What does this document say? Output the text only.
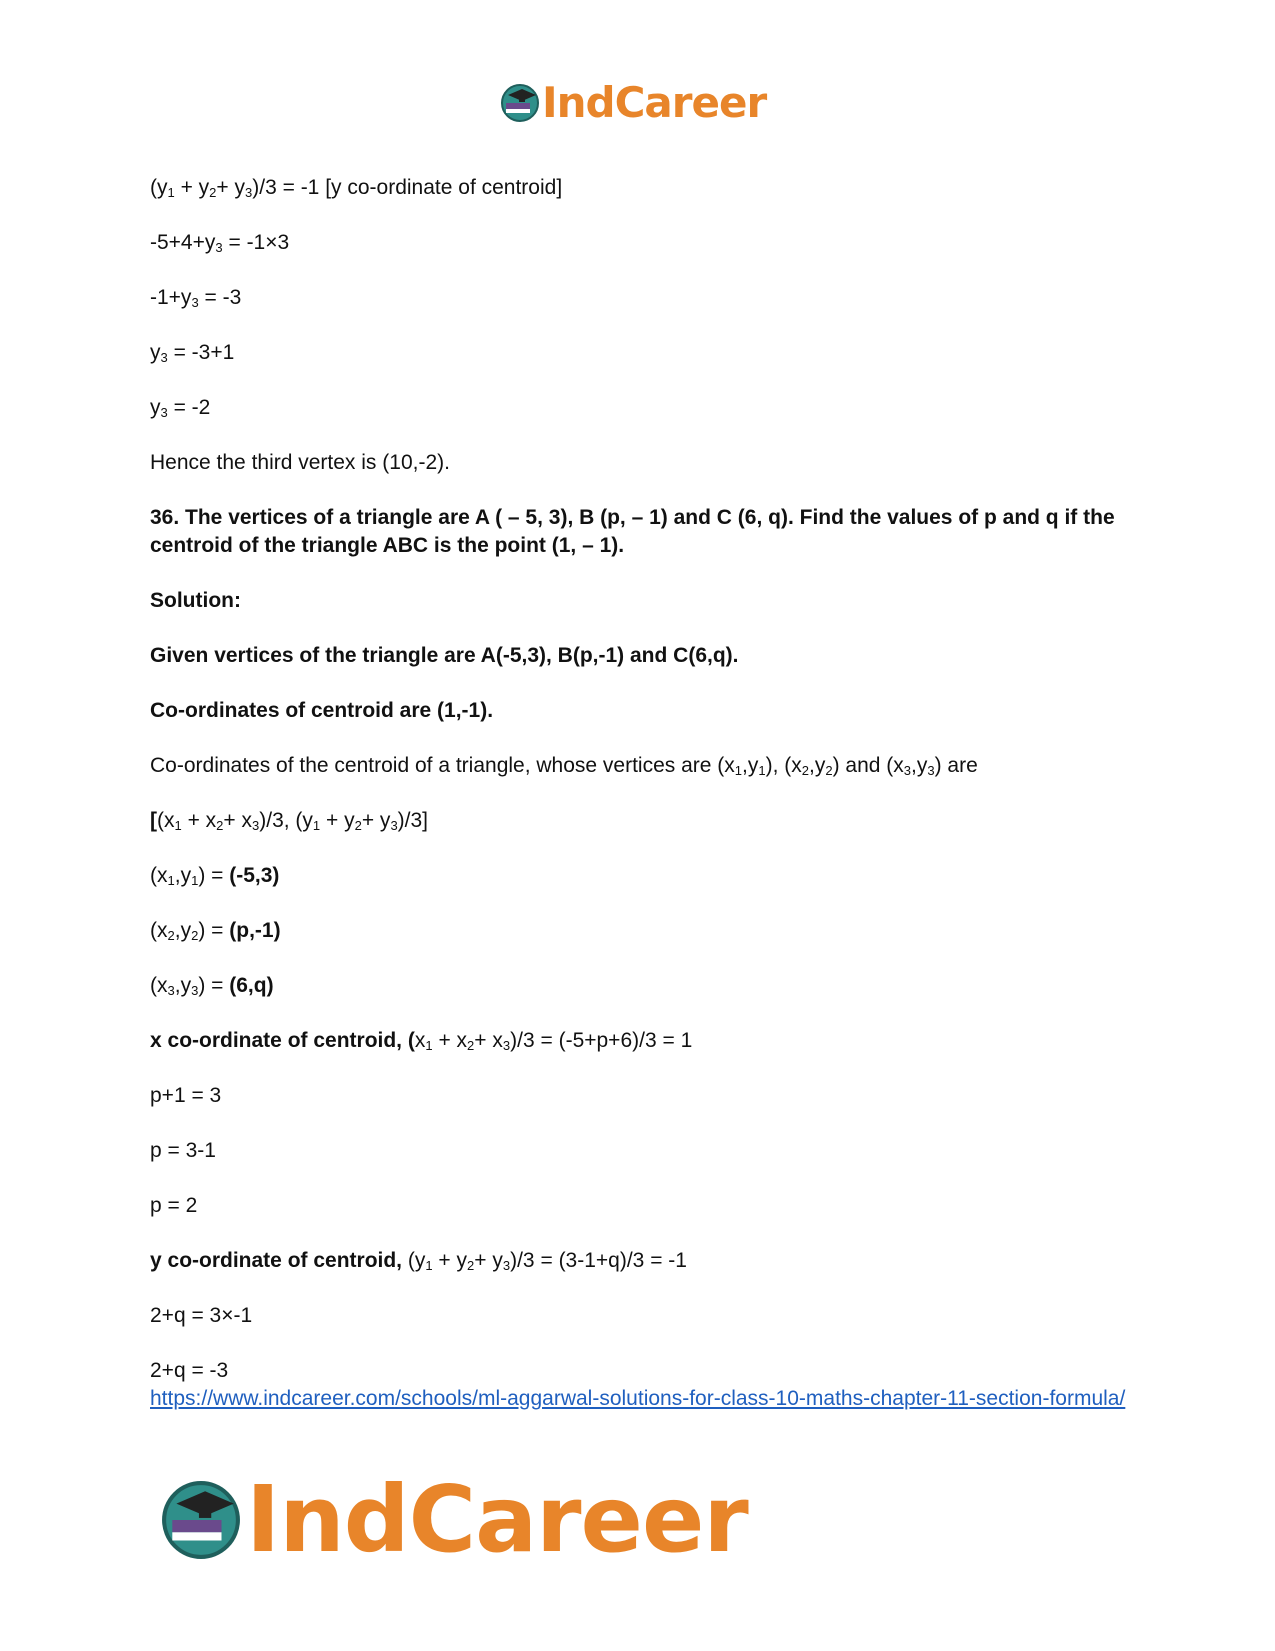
IndCareer

$(y_1 + y_2+ y_3)/3 = -1$ [y co-ordinate of centroid]

$-5+4+y_3 = -1\times 3$

$-1+y_3 = -3$

$y_3 = -3+1$

$y_3 = -2$

Hence the third vertex is (10,-2).

36. The vertices of a triangle are A ( – 5, 3), B (p, – 1) and C (6, q). Find the values of p and q if the centroid of the triangle ABC is the point (1, – 1).

Solution:

Given vertices of the triangle are A(-5,3), B(p,-1) and C(6,q).

Co-ordinates of centroid are (1,-1).

Co-ordinates of the centroid of a triangle, whose vertices are $(x_1,y_1)$, $(x_2,y_2)$ and $(x_3,y_3)$ are

[$(x_1 + x_2+ x_3)/3$, $(y_1 + y_2+ y_3)/3$]

$(x_1,y_1) = (-5,3)$

$(x_2,y_2) = (p,-1)$

$(x_3,y_3) = (6,q)$

x co-ordinate of centroid, $(x_1 + x_2+ x_3)/3 = (-5+p+6)/3 = 1$

p+1 = 3

p = 3-1

p = 2

y co-ordinate of centroid, $(y_1 + y_2+ y_3)/3 = (3-1+q)/3 = -1$

2+q = 3×-1

2+q = -3

https://www.indcareer.com/schools/ml-aggarwal-solutions-for-class-10-maths-chapter-11-section-formula/

IndCareer
